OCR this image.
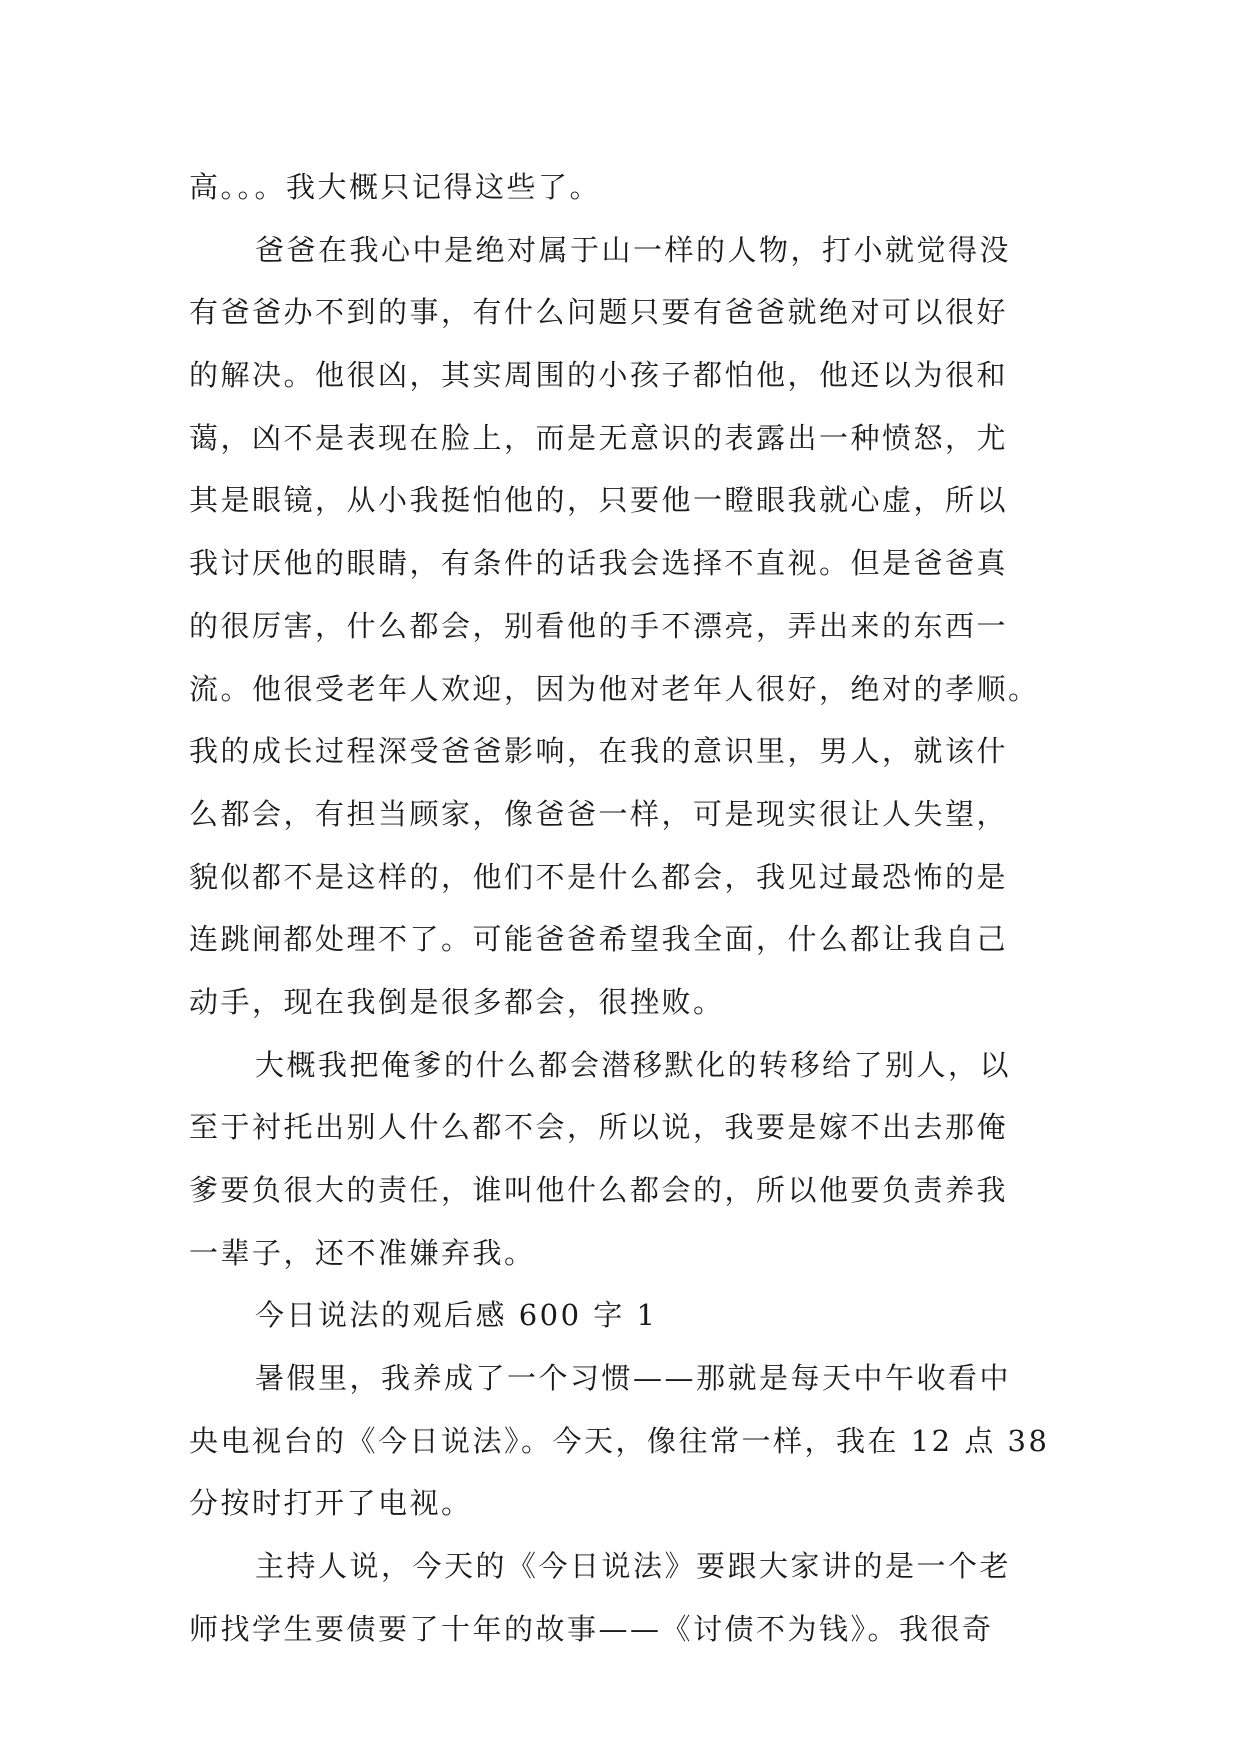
高。。。我大概只记得这些了。
爸爸在我心中是绝对属于山一样的人物，打小就觉得没
有爸爸办不到的事，有什么问题只要有爸爸就绝对可以很好
的解决。他很凶，其实周围的小孩子都怕他，他还以为很和
蔼，凶不是表现在脸上，而是无意识的表露出一种愤怒，尤
其是眼镜，从小我挺怕他的，只要他一瞪眼我就心虚，所以
我讨厌他的眼睛，有条件的话我会选择不直视。但是爸爸真
的很厉害，什么都会，别看他的手不漂亮，弄出来的东西一
流。他很受老年人欢迎，因为他对老年人很好，绝对的孝顺。
我的成长过程深受爸爸影响，在我的意识里，男人，就该什
么都会，有担当顾家，像爸爸一样，可是现实很让人失望，
貌似都不是这样的，他们不是什么都会，我见过最恐怖的是
连跳闸都处理不了。可能爸爸希望我全面，什么都让我自己
动手，现在我倒是很多都会，很挫败。
大概我把俺爹的什么都会潜移默化的转移给了别人，以
至于衬托出别人什么都不会，所以说，我要是嫁不出去那俺
爹要负很大的责任，谁叫他什么都会的，所以他要负责养我
一辈子，还不准嫌弃我。
今日说法的观后感 600 字 1
暑假里，我养成了一个习惯——那就是每天中午收看中
央电视台的《今日说法》。今天，像往常一样，我在 12 点 38
分按时打开了电视。
主持人说，今天的《今日说法》要跟大家讲的是一个老
师找学生要债要了十年的故事——《讨债不为钱》。我很奇
